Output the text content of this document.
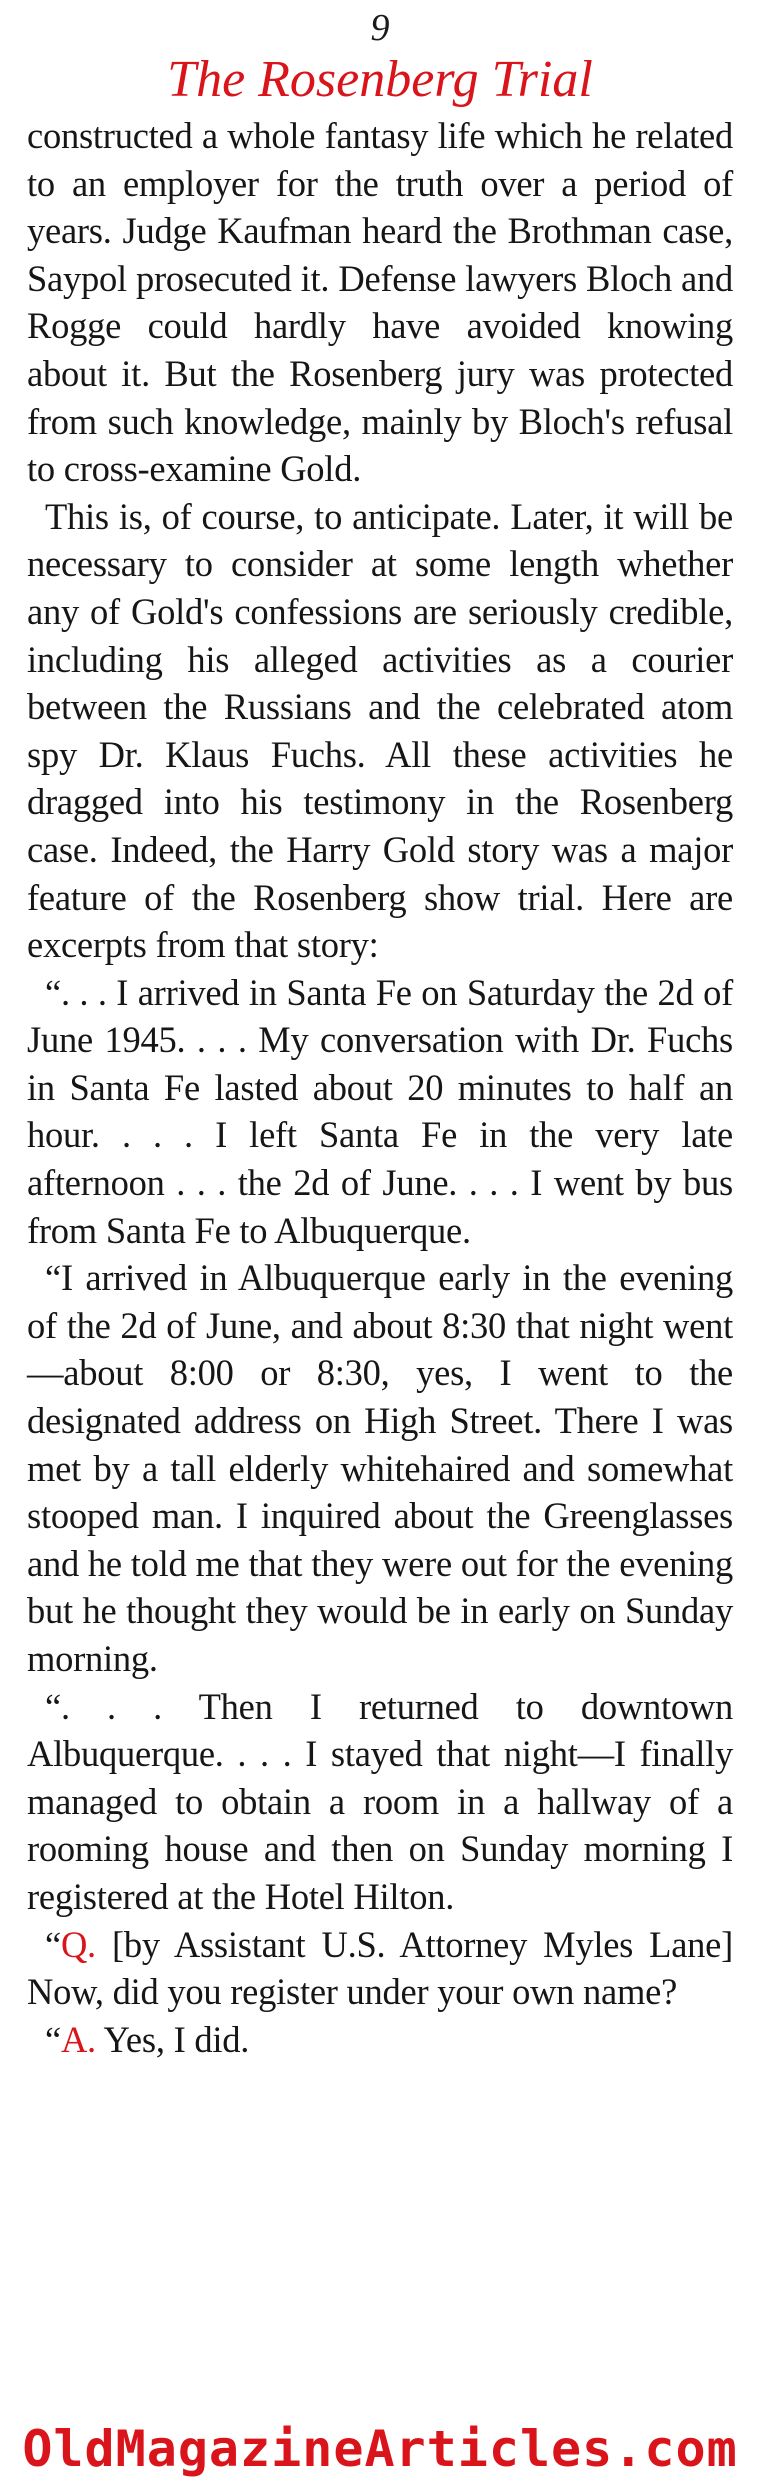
9
The Rosenberg Trial

constructed a whole fantasy life which he related to an employer for the truth over a period of years. Judge Kaufman heard the Brothman case, Saypol prosecuted it. Defense lawyers Bloch and Rogge could hardly have avoided knowing about it. But the Rosenberg jury was protected from such knowledge, mainly by Bloch's refusal to cross-examine Gold.

This is, of course, to anticipate. Later, it will be necessary to consider at some length whether any of Gold's confessions are seriously credible, including his alleged activities as a courier between the Russians and the celebrated atom spy Dr. Klaus Fuchs. All these activities he dragged into his testimony in the Rosenberg case. Indeed, the Harry Gold story was a major feature of the Rosenberg show trial. Here are excerpts from that story:

“. . . I arrived in Santa Fe on Saturday the 2d of June 1945. . . . My conversation with Dr. Fuchs in Santa Fe lasted about 20 minutes to half an hour. . . . I left Santa Fe in the very late afternoon . . . the 2d of June. . . . I went by bus from Santa Fe to Albuquerque.

“I arrived in Albuquerque early in the evening of the 2d of June, and about 8:30 that night went—about 8:00 or 8:30, yes, I went to the designated address on High Street. There I was met by a tall elderly whitehaired and somewhat stooped man. I inquired about the Greenglasses and he told me that they were out for the evening but he thought they would be in early on Sunday morning.

“. . . Then I returned to downtown Albuquerque. . . . I stayed that night—I finally managed to obtain a room in a hallway of a rooming house and then on Sunday morning I registered at the Hotel Hilton.

“Q. [by Assistant U.S. Attorney Myles Lane] Now, did you register under your own name?

“A. Yes, I did.

OldMagazineArticles.com
